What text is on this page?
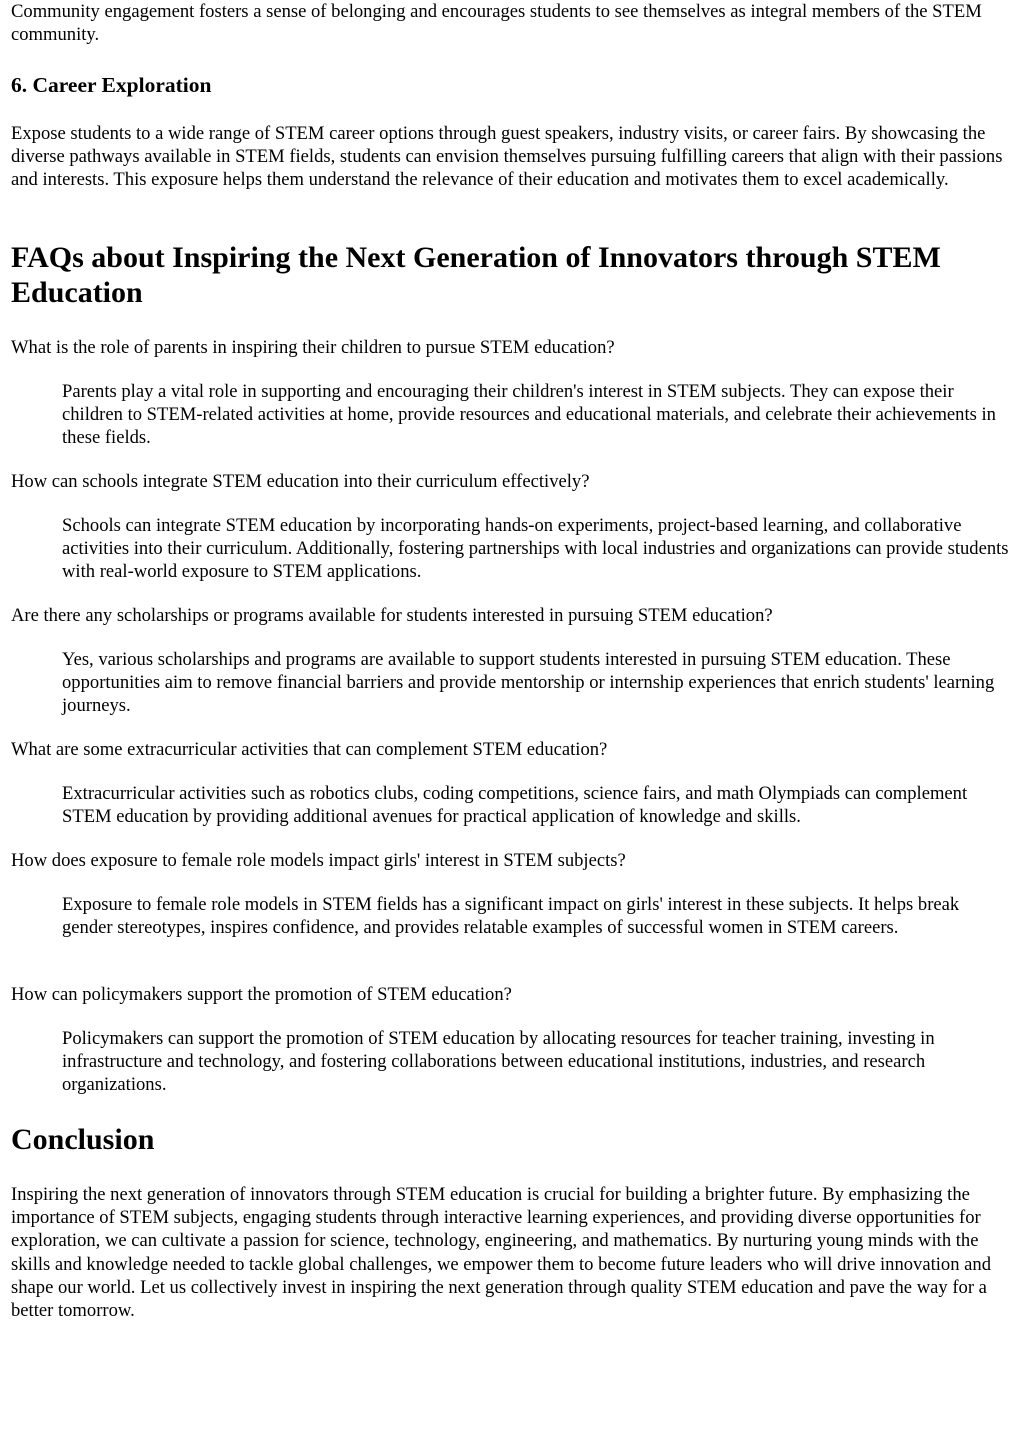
Community engagement fosters a sense of belonging and encourages students to see themselves as integral members of the STEM community.

6. Career Exploration

Expose students to a wide range of STEM career options through guest speakers, industry visits, or career fairs. By showcasing the diverse pathways available in STEM fields, students can envision themselves pursuing fulfilling careers that align with their passions and interests. This exposure helps them understand the relevance of their education and motivates them to excel academically.

FAQs about Inspiring the Next Generation of Innovators through STEM Education
What is the role of parents in inspiring their children to pursue STEM education?
Parents play a vital role in supporting and encouraging their children's interest in STEM subjects. They can expose their children to STEM-related activities at home, provide resources and educational materials, and celebrate their achievements in these fields.
How can schools integrate STEM education into their curriculum effectively?
Schools can integrate STEM education by incorporating hands-on experiments, project-based learning, and collaborative activities into their curriculum. Additionally, fostering partnerships with local industries and organizations can provide students with real-world exposure to STEM applications.
Are there any scholarships or programs available for students interested in pursuing STEM education?
Yes, various scholarships and programs are available to support students interested in pursuing STEM education. These opportunities aim to remove financial barriers and provide mentorship or internship experiences that enrich students' learning journeys.
What are some extracurricular activities that can complement STEM education?
Extracurricular activities such as robotics clubs, coding competitions, science fairs, and math Olympiads can complement STEM education by providing additional avenues for practical application of knowledge and skills.
How does exposure to female role models impact girls' interest in STEM subjects?
Exposure to female role models in STEM fields has a significant impact on girls' interest in these subjects. It helps break gender stereotypes, inspires confidence, and provides relatable examples of successful women in STEM careers.
How can policymakers support the promotion of STEM education?
Policymakers can support the promotion of STEM education by allocating resources for teacher training, investing in infrastructure and technology, and fostering collaborations between educational institutions, industries, and research organizations.
Conclusion

Inspiring the next generation of innovators through STEM education is crucial for building a brighter future. By emphasizing the importance of STEM subjects, engaging students through interactive learning experiences, and providing diverse opportunities for exploration, we can cultivate a passion for science, technology, engineering, and mathematics. By nurturing young minds with the skills and knowledge needed to tackle global challenges, we empower them to become future leaders who will drive innovation and shape our world. Let us collectively invest in inspiring the next generation through quality STEM education and pave the way for a better tomorrow.
